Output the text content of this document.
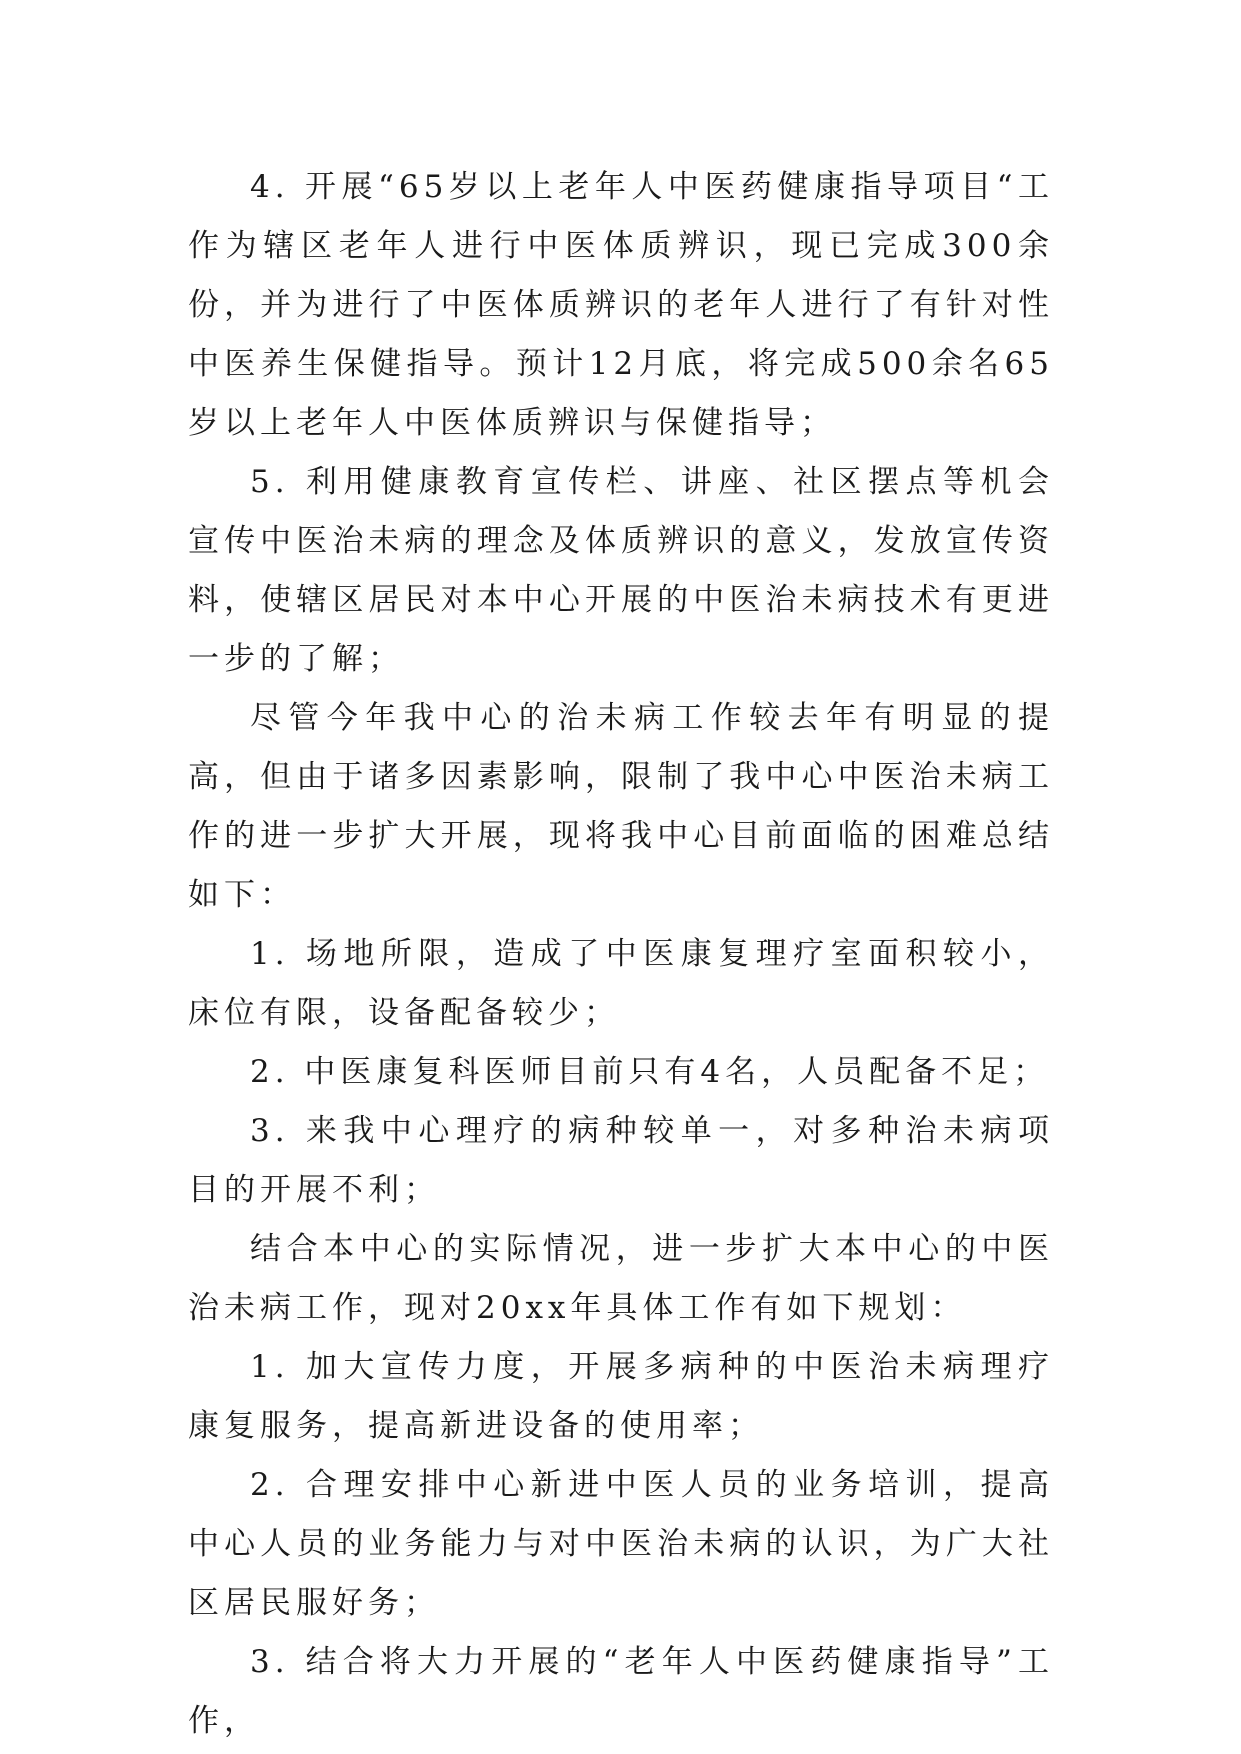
4. 开展“65岁以上老年人中医药健康指导项目“工作为辖区老年人进行中医体质辨识，现已完成300余份，并为进行了中医体质辨识的老年人进行了有针对性中医养生保健指导。预计12月底，将完成500余名65岁以上老年人中医体质辨识与保健指导；

5. 利用健康教育宣传栏、讲座、社区摆点等机会宣传中医治未病的理念及体质辨识的意义，发放宣传资料，使辖区居民对本中心开展的中医治未病技术有更进一步的了解；

尽管今年我中心的治未病工作较去年有明显的提高，但由于诸多因素影响，限制了我中心中医治未病工作的进一步扩大开展，现将我中心目前面临的困难总结如下：

1. 场地所限，造成了中医康复理疗室面积较小，床位有限，设备配备较少；

2. 中医康复科医师目前只有4名，人员配备不足；

3. 来我中心理疗的病种较单一，对多种治未病项目的开展不利；

结合本中心的实际情况，进一步扩大本中心的中医治未病工作，现对20xx年具体工作有如下规划：

1. 加大宣传力度，开展多病种的中医治未病理疗康复服务，提高新进设备的使用率；

2. 合理安排中心新进中医人员的业务培训，提高中心人员的业务能力与对中医治未病的认识，为广大社区居民服好务；

3. 结合将大力开展的“老年人中医药健康指导”工作，
